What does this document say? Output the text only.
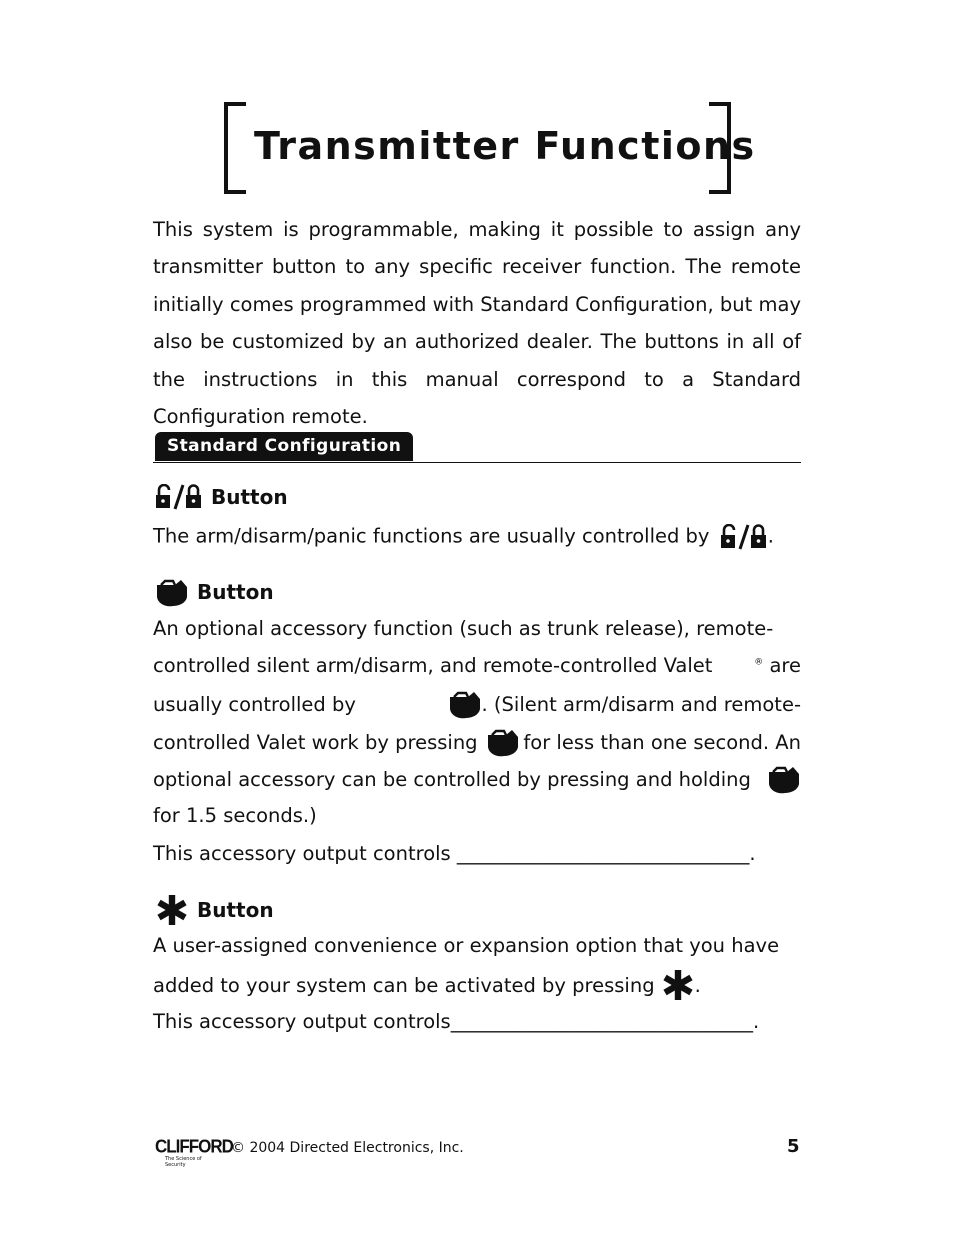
Transmitter Functions

This system is programmable, making it possible to assign any transmitter button to any specific receiver function. The remote initially comes programmed with Standard Configuration, but may also be customized by an authorized dealer. The buttons in all of the instructions in this manual correspond to a Standard Configuration remote.

Standard Configuration
Button
The arm/disarm/panic functions are usually controlled by	.
Button
An optional accessory function (such as trunk release), remote-
controlled silent arm/disarm, and remote-controlled Valet	® are
usually controlled by	. (Silent arm/disarm and remote-
controlled Valet work by pressing for less than one second. An
optional accessory can be controlled by pressing and holding
for 1.5 seconds.)
This accessory output controls ______________________________.
Button
A user-assigned convenience or expansion option that you have
added to your system can be activated by pressing .
This accessory output controls_______________________________.
CLIFFORD
The Science of Security
© 2004 Directed Electronics, Inc.	5
